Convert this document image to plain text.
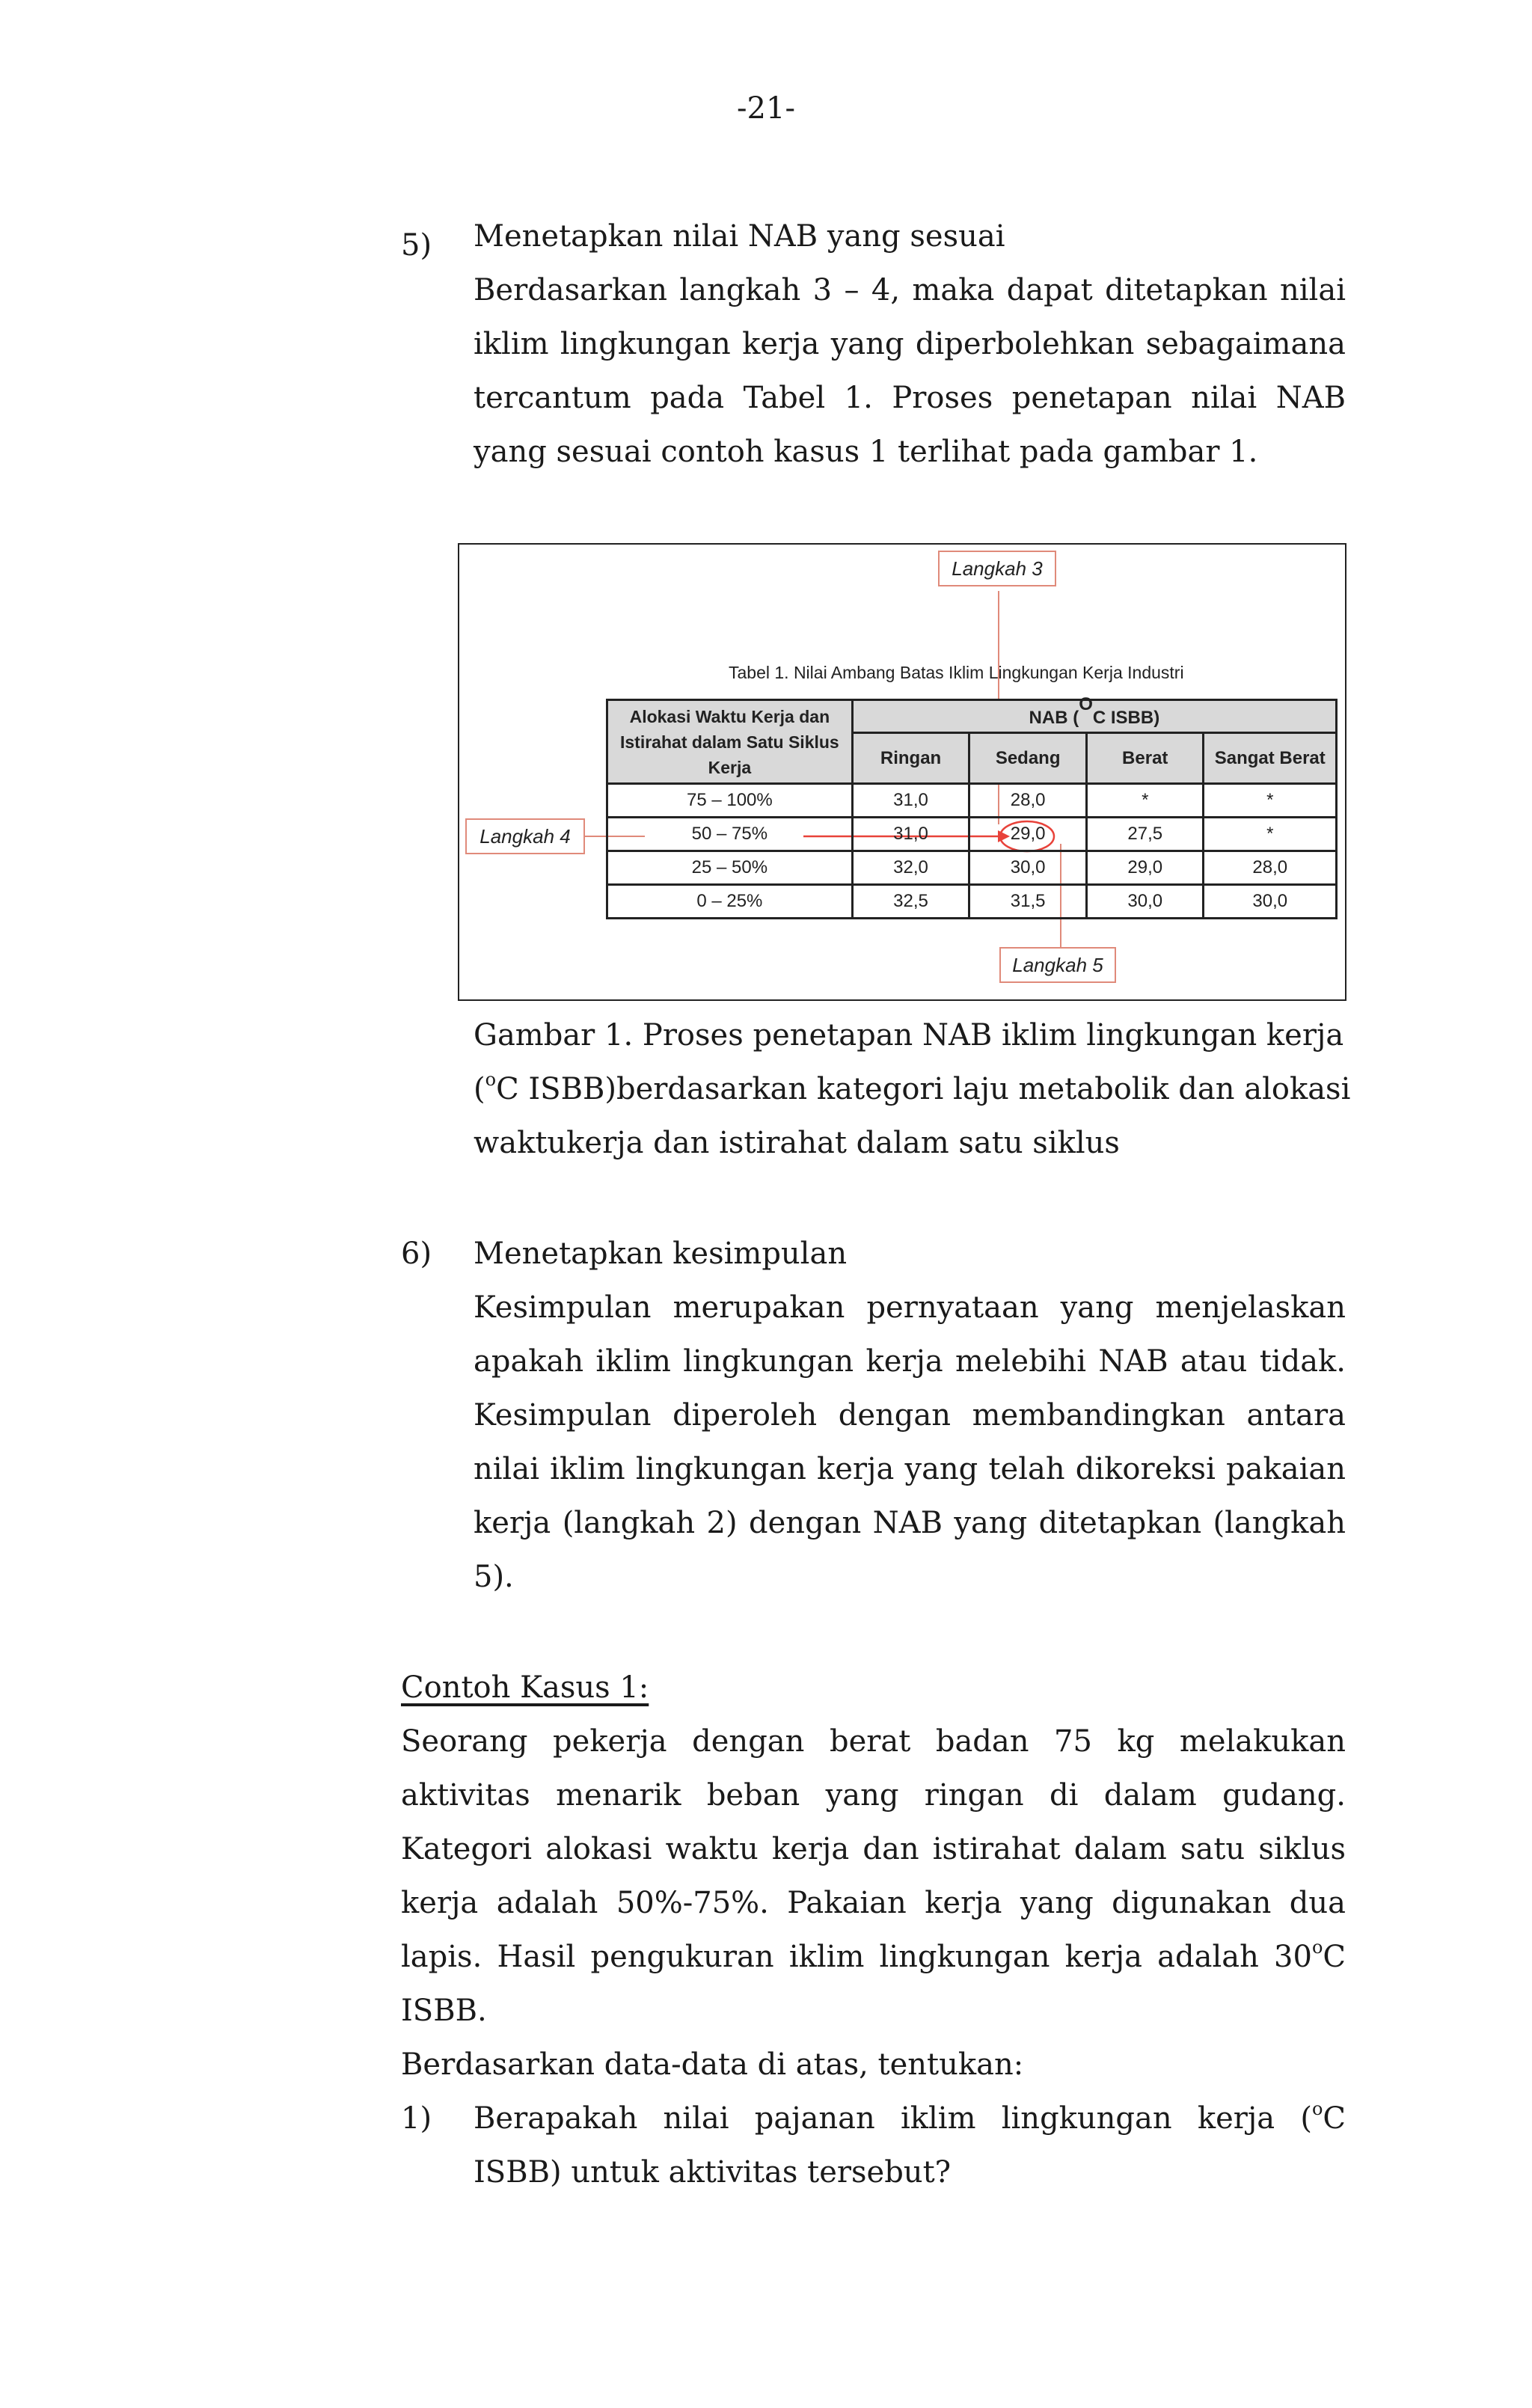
-21-
5) Menetapkan nilai NAB yang sesuai
Berdasarkan langkah 3 – 4, maka dapat ditetapkan nilai iklim lingkungan kerja yang diperbolehkan sebagaimana tercantum pada Tabel 1. Proses penetapan nilai NAB yang sesuai contoh kasus 1 terlihat pada gambar 1.
Langkah 3
Langkah 4
Langkah 5
Tabel 1. Nilai Ambang Batas Iklim Lingkungan Kerja Industri
Alokasi Waktu Kerja dan Istirahat dalam Satu Siklus Kerja	NAB ($^O$C ISBB)			
	Ringan	Sedang	Berat	Sangat Berat
75 – 100%	31,0	28,0	*	*
50 – 75%	31,0	29,0	27,5	*
25 – 50%	32,0	30,0	29,0	28,0
0 – 25%	32,5	31,5	30,0	30,0
Gambar 1. Proses penetapan NAB iklim lingkungan kerja
($^o$C ISBB)berdasarkan kategori laju metabolik dan alokasi
waktukerja dan istirahat dalam satu siklus
6) Menetapkan kesimpulan
Kesimpulan merupakan pernyataan yang menjelaskan apakah iklim lingkungan kerja melebihi NAB atau tidak. Kesimpulan diperoleh dengan membandingkan antara nilai iklim lingkungan kerja yang telah dikoreksi pakaian kerja (langkah 2) dengan NAB yang ditetapkan (langkah 5).
Contoh Kasus 1:
Seorang pekerja dengan berat badan 75 kg melakukan aktivitas menarik beban yang ringan di dalam gudang. Kategori alokasi waktu kerja dan istirahat dalam satu siklus kerja adalah 50%-75%. Pakaian kerja yang digunakan dua lapis. Hasil pengukuran iklim lingkungan kerja adalah 30$^o$C ISBB.
Berdasarkan data-data di atas, tentukan:
1) Berapakah nilai pajanan iklim lingkungan kerja ($^o$C ISBB) untuk aktivitas tersebut?
